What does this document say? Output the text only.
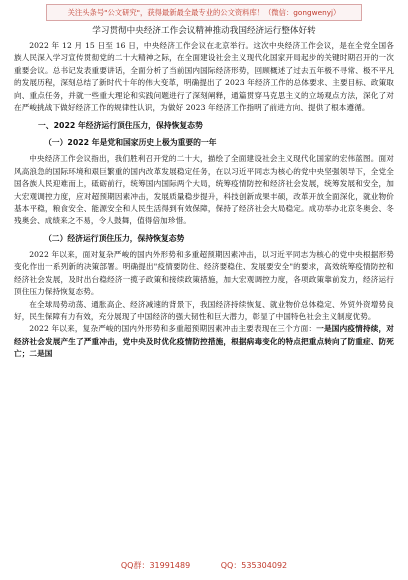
关注头条号"公文研究"，获得最新最全最专业的公文资料库！（微信：gongwenyj）
学习贯彻中央经济工作会议精神推动我国经济运行整体好转

2022 年 12 月 15 日至 16 日，中央经济工作会议在北京举行。这次中央经济工作会议，是在全党全国各族人民深入学习宣传贯彻党的二十大精神之际，在全面建设社会主义现代化国家开局起步的关键时期召开的一次重要会议。总书记发表重要讲话，全面分析了当前国内国际经济形势，回顾概述了过去五年极不寻常、极不平凡的发展历程，深刻总结了新时代十年的伟大变革，明确提出了 2023 年经济工作的总体要求、主要目标、政策取向、重点任务，并就一些重大理论和实践问题进行了深刻阐释，通篇贯穿马克思主义的立场观点方法，深化了对在严峻挑战下做好经济工作的规律性认识，为做好 2023 年经济工作指明了前进方向、提供了根本遵循。

一、2022 年经济运行顶住压力，保持恢复态势
（一）2022 年是党和国家历史上极为重要的一年

中央经济工作会议指出，我们胜利召开党的二十大，描绘了全面建设社会主义现代化国家的宏伟蓝图。面对风高浪急的国际环境和艰巨繁重的国内改革发展稳定任务，在以习近平同志为核心的党中央坚强领导下，全党全国各族人民迎难而上，砥砺前行，统筹国内国际两个大局，统筹疫情防控和经济社会发展，统筹发展和安全，加大宏观调控力度，应对超预期因素冲击，发展质量稳步提升，科技创新成果丰硕，改革开放全面深化，就业物价基本平稳，粮食安全、能源安全和人民生活得到有效保障，保持了经济社会大局稳定。成功举办北京冬奥会、冬残奥会、成绩来之不易，令人鼓舞，值得倍加珍惜。

（二）经济运行顶住压力，保持恢复态势

2022 年以来，面对复杂严峻的国内外形势和多重超预期因素冲击，以习近平同志为核心的党中央根据形势变化作出一系列新的决策部署。明确提出"疫情要防住、经济要稳住、发展要安全"的要求，高效统筹疫情防控和经济社会发展，及时出台稳经济一揽子政策和接续政策措施，加大宏观调控力度，各项政策靠前发力，经济运行顶住压力保持恢复态势。

在全球局势动荡、通胀高企、经济减速的背景下，我国经济持续恢复、就业物价总体稳定、外贸外资增势良好，民生保障有力有效，充分展现了中国经济的强大韧性和巨大潜力，彰显了中国特色社会主义制度优势。

2022 年以来，复杂严峻的国内外形势和多重超预期因素冲击主要表现在三个方面：一是国内疫情持续，对经济社会发展产生了严重冲击，党中央及时优化疫情防控措施，根据病毒变化的特点把重点转向了防重症、防死亡；二是国

QQ群：31991489	QQ：535304092
